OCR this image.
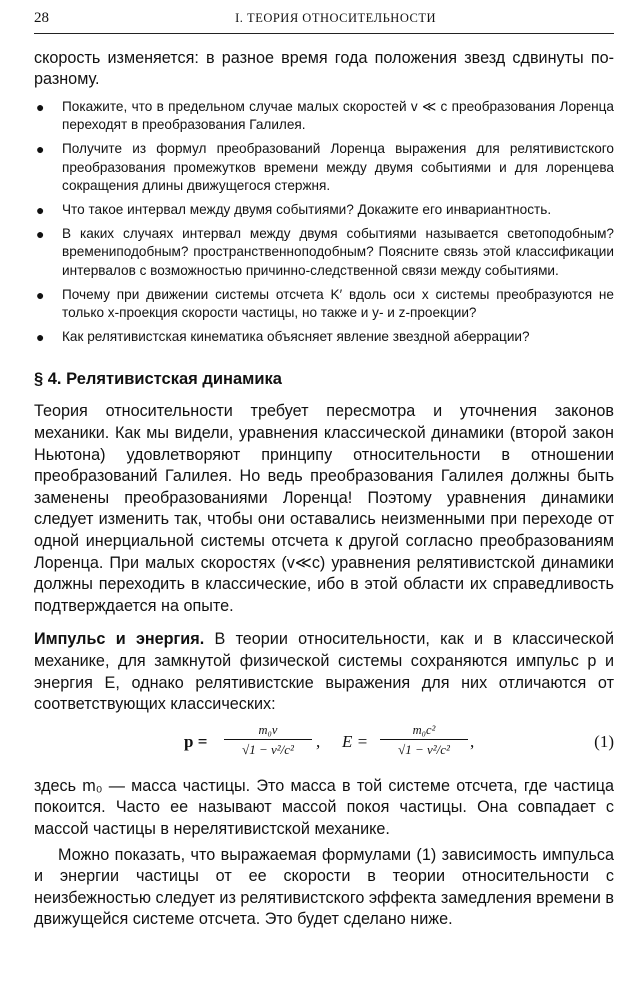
28	I. ТЕОРИЯ ОТНОСИТЕЛЬНОСТИ

скорость изменяется: в разное время года положения звезд сдвинуты по-разному.

● Покажите, что в предельном случае малых скоростей v ≪ c преобразования Лоренца переходят в преобразования Галилея.
● Получите из формул преобразований Лоренца выражения для релятивистского преобразования промежутков времени между двумя событиями и для лоренцева сокращения длины движущегося стержня.
● Что такое интервал между двумя событиями? Докажите его инвариантность.
● В каких случаях интервал между двумя событиями называется светоподобным? времениподобным? пространственноподобным? Поясните связь этой классификации интервалов с возможностью причинно-следственной связи между событиями.
● Почему при движении системы отсчета K′ вдоль оси x системы преобразуются не только x-проекция скорости частицы, но также и y- и z-проекции?
● Как релятивистская кинематика объясняет явление звездной аберрации?
§ 4. Релятивистская динамика

Теория относительности требует пересмотра и уточнения законов механики. Как мы видели, уравнения классической динамики (второй закон Ньютона) удовлетворяют принципу относительности в отношении преобразований Галилея. Но ведь преобразования Галилея должны быть заменены преобразованиями Лоренца! Поэтому уравнения динамики следует изменить так, чтобы они оставались неизменными при переходе от одной инерциальной системы отсчета к другой согласно преобразованиям Лоренца. При малых скоростях (v≪c) уравнения релятивистской динамики должны переходить в классические, ибо в этой области их справедливость подтверждается на опыте.

Импульс и энергия. В теории относительности, как и в классической механике, для замкнутой физической системы сохраняются импульс p и энергия E, однако релятивистские выражения для них отличаются от соответствующих классических:

p =
m₀v
√1 − v²/c²	, E =
m₀c²
√1 − v²/c²	,	(1)

здесь m₀ — масса частицы. Это масса в той системе отсчета, где частица покоится. Часто ее называют массой покоя частицы. Она совпадает с массой частицы в нерелятивистской механике.

Можно показать, что выражаемая формулами (1) зависимость импульса и энергии частицы от ее скорости в теории относительности с неизбежностью следует из релятивистского эффекта замедления времени в движущейся системе отсчета. Это будет сделано ниже.
